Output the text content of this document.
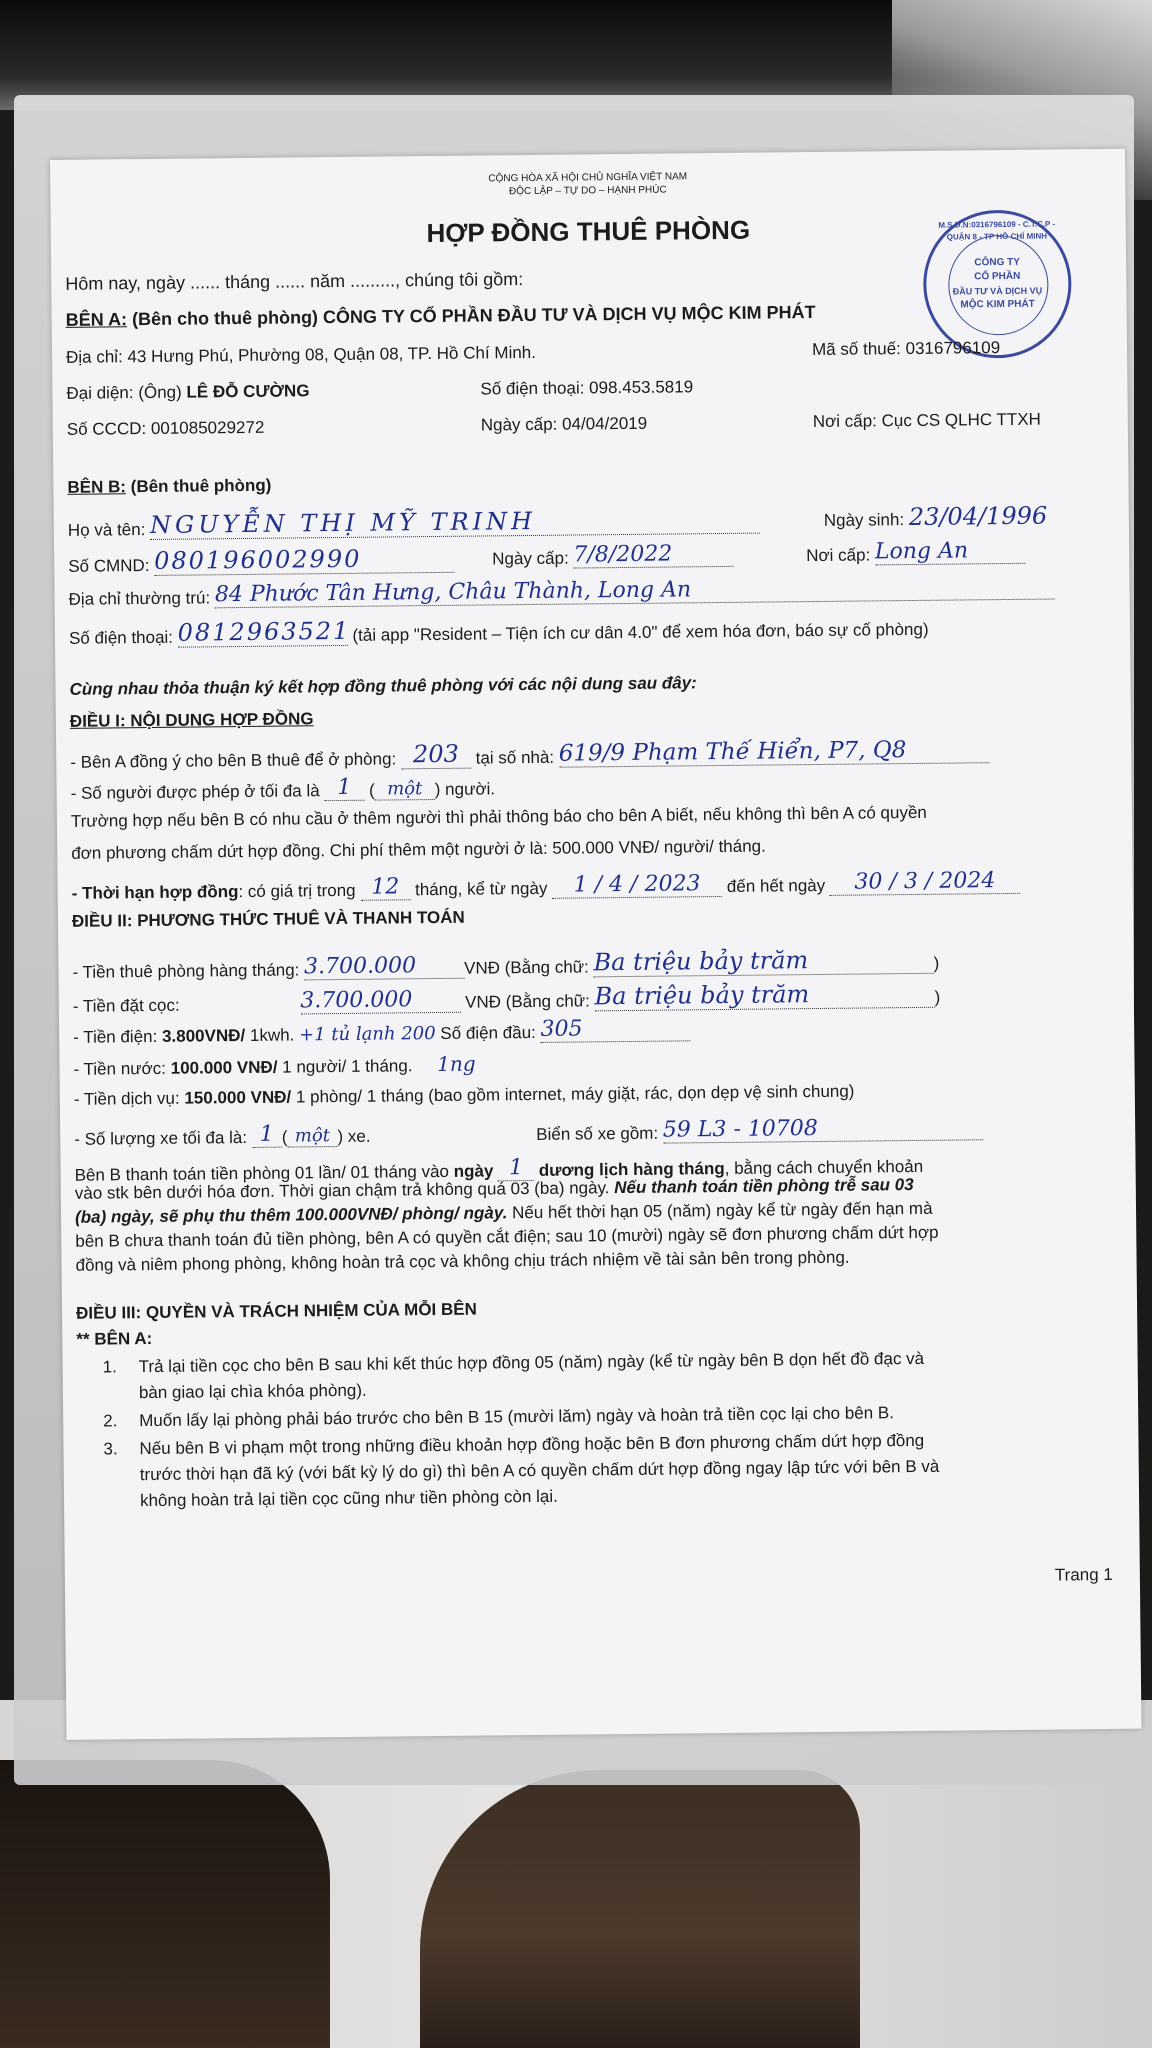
CỘNG HÒA XÃ HỘI CHỦ NGHĨA VIỆT NAM
ĐỘC LẬP – TỰ DO – HẠNH PHÚC
HỢP ĐỒNG THUÊ PHÒNG
Hôm nay, ngày ...... tháng ...... năm ........., chúng tôi gồm:
M.S.D.N:0316796109 - C.T.C.P - QUẬN 8 - TP HỒ CHÍ MINH
CÔNG TY
CỔ PHẦN
ĐẦU TƯ VÀ DỊCH VỤ
MỘC KIM PHÁT
BÊN A: (Bên cho thuê phòng) CÔNG TY CỔ PHẦN ĐẦU TƯ VÀ DỊCH VỤ MỘC KIM PHÁT
Địa chỉ: 43 Hưng Phú, Phường 08, Quận 08, TP. Hồ Chí Minh.	Mã số thuế: 0316796109
Đại diện: (Ông) LÊ ĐỖ CƯỜNG	Số điện thoại: 098.453.5819
Số CCCD: 001085029272	Ngày cấp: 04/04/2019	Nơi cấp: Cục CS QLHC TTXH
BÊN B: (Bên thuê phòng)
Họ và tên: NGUYỄN THỊ MỸ TRINH	Ngày sinh: 23/04/1996
Số CMND: 080196002990	Ngày cấp: 7/8/2022	Nơi cấp: Long An
Địa chỉ thường trú: 84 Phước Tân Hưng, Châu Thành, Long An
Số điện thoại: 0812963521 (tải app "Resident – Tiện ích cư dân 4.0" để xem hóa đơn, báo sự cố phòng)
Cùng nhau thỏa thuận ký kết hợp đồng thuê phòng với các nội dung sau đây:
ĐIỀU I: NỘI DUNG HỢP ĐỒNG
- Bên A đồng ý cho bên B thuê để ở phòng: 203 tại số nhà: 619/9 Phạm Thế Hiển, P7, Q8
- Số người được phép ở tối đa là 1 ( một ) người.
Trường hợp nếu bên B có nhu cầu ở thêm người thì phải thông báo cho bên A biết, nếu không thì bên A có quyền
đơn phương chấm dứt hợp đồng. Chi phí thêm một người ở là: 500.000 VNĐ/ người/ tháng.
- Thời hạn hợp đồng: có giá trị trong 12 tháng, kể từ ngày 1 / 4 / 2023 đến hết ngày 30 / 3 / 2024
ĐIỀU II: PHƯƠNG THỨC THUÊ VÀ THANH TOÁN
- Tiền thuê phòng hàng tháng: 3.700.000	VNĐ (Bằng chữ: Ba triệu bảy trăm	)
- Tiền đặt cọc:	3.700.000	VNĐ (Bằng chữ: Ba triệu bảy trăm	)
- Tiền điện: 3.800VNĐ/ 1kwh. +1 tủ lạnh 200 Số điện đầu: 305
- Tiền nước: 100.000 VNĐ/ 1 người/ 1 tháng. 1ng
- Tiền dịch vụ: 150.000 VNĐ/ 1 phòng/ 1 tháng (bao gồm internet, máy giặt, rác, dọn dẹp vệ sinh chung)
- Số lượng xe tối đa là: 1 ( một ) xe.	Biển số xe gồm: 59 L3 - 10708
Bên B thanh toán tiền phòng 01 lần/ 01 tháng vào ngày 1 dương lịch hàng tháng, bằng cách chuyển khoản
vào stk bên dưới hóa đơn. Thời gian chậm trả không quá 03 (ba) ngày. Nếu thanh toán tiền phòng trễ sau 03
(ba) ngày, sẽ phụ thu thêm 100.000VNĐ/ phòng/ ngày. Nếu hết thời hạn 05 (năm) ngày kể từ ngày đến hạn mà
bên B chưa thanh toán đủ tiền phòng, bên A có quyền cắt điện; sau 10 (mười) ngày sẽ đơn phương chấm dứt hợp
đồng và niêm phong phòng, không hoàn trả cọc và không chịu trách nhiệm về tài sản bên trong phòng.
ĐIỀU III: QUYỀN VÀ TRÁCH NHIỆM CỦA MỖI BÊN
** BÊN A:
1. Trả lại tiền cọc cho bên B sau khi kết thúc hợp đồng 05 (năm) ngày (kể từ ngày bên B dọn hết đồ đạc và
bàn giao lại chìa khóa phòng).
2. Muốn lấy lại phòng phải báo trước cho bên B 15 (mười lăm) ngày và hoàn trả tiền cọc lại cho bên B.
3. Nếu bên B vi phạm một trong những điều khoản hợp đồng hoặc bên B đơn phương chấm dứt hợp đồng
trước thời hạn đã ký (với bất kỳ lý do gì) thì bên A có quyền chấm dứt hợp đồng ngay lập tức với bên B và
không hoàn trả lại tiền cọc cũng như tiền phòng còn lại.
Trang 1
